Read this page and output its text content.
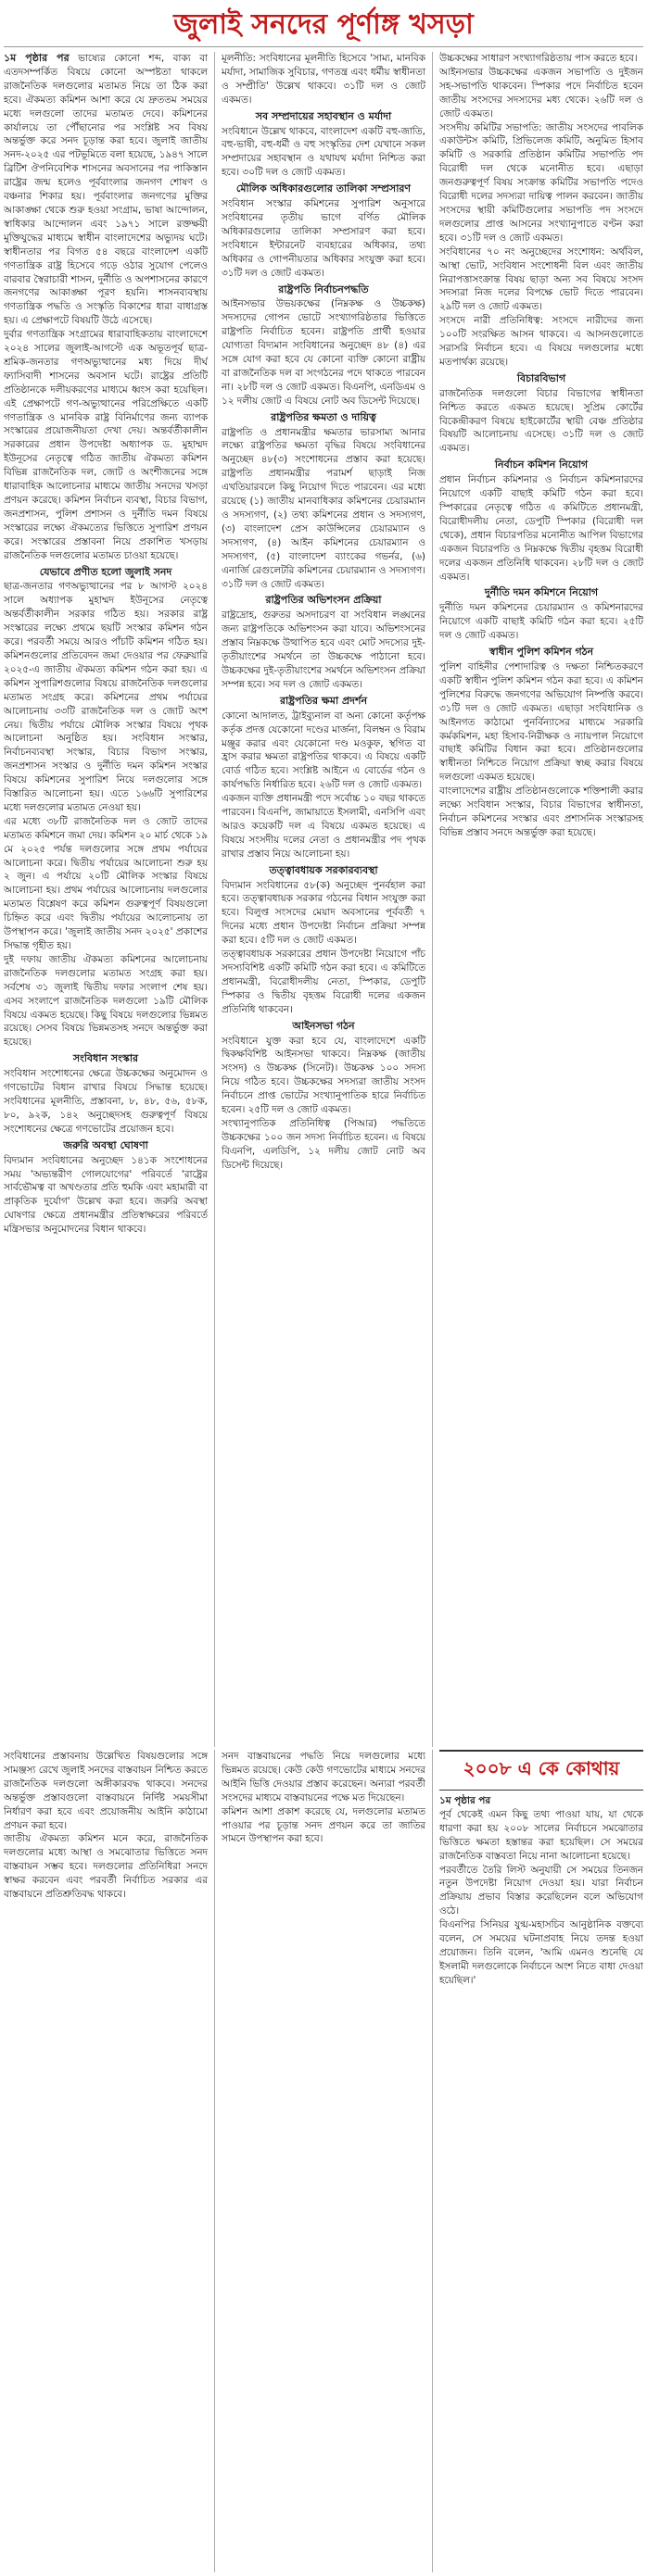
জুলাই সনদের পূর্ণাঙ্গ খসড়া

১ম পৃষ্ঠার পর ভাষ্যের কোনো শব্দ, বাক্য বা এতদসম্পর্কিত বিষয়ে কোনো অস্পষ্টতা থাকলে রাজনৈতিক দলগুলোর মতামত নিয়ে তা ঠিক করা হবে। ঐকমত্য কমিশন আশা করে যে দ্রুততম সময়ের মধ্যে দলগুলো তাদের মতামত দেবে। কমিশনের কার্যালয়ে তা পৌঁছানোর পর সংশ্লিষ্ট সব বিষয় অন্তর্ভুক্ত করে সনদ চূড়ান্ত করা হবে। জুলাই জাতীয় সনদ-২০২৫ এর পটভূমিতে বলা হয়েছে, ১৯৪৭ সালে ব্রিটিশ ঔপনিবেশিক শাসনের অবসানের পর পাকিস্তান রাষ্ট্রের জন্ম হলেও পূর্ববাংলার জনগণ শোষণ ও বঞ্চনার শিকার হয়। পূর্ববাংলার জনগণের মুক্তির আকাঙ্ক্ষা থেকে শুরু হওয়া সংগ্রাম, ভাষা আন্দোলন, স্বাধিকার আন্দোলন এবং ১৯৭১ সালে রক্তক্ষয়ী মুক্তিযুদ্ধের মাধ্যমে স্বাধীন বাংলাদেশের অভ্যুদয় ঘটে। স্বাধীনতার পর বিগত ৫৪ বছরে বাংলাদেশ একটি গণতান্ত্রিক রাষ্ট্র হিসেবে গড়ে ওঠার সুযোগ পেলেও বারবার স্বৈরাচারী শাসন, দুর্নীতি ও অপশাসনের কারণে জনগণের আকাঙ্ক্ষা পূরণ হয়নি। শাসনব্যবস্থায় গণতান্ত্রিক পদ্ধতি ও সংস্কৃতি বিকাশের ধারা বাধাগ্রস্ত হয়। এ প্রেক্ষাপটে বিষয়টি উঠে এসেছে।

দুর্বার গণতান্ত্রিক সংগ্রামের ধারাবাহিকতায় বাংলাদেশে ২০২৪ সালের জুলাই-আগস্টে এক অভূতপূর্ব ছাত্র-শ্রমিক-জনতার গণঅভ্যুত্থানের মধ্য দিয়ে দীর্ঘ ফ্যাসিবাদী শাসনের অবসান ঘটে। রাষ্ট্রের প্রতিটি প্রতিষ্ঠানকে দলীয়করণের মাধ্যমে ধ্বংস করা হয়েছিল। এই প্রেক্ষাপটে গণ-অভ্যুত্থানের পরিপ্রেক্ষিতে একটি গণতান্ত্রিক ও মানবিক রাষ্ট্র বিনির্মাণের জন্য ব্যাপক সংস্কারের প্রয়োজনীয়তা দেখা দেয়। অন্তর্বর্তীকালীন সরকারের প্রধান উপদেষ্টা অধ্যাপক ড. মুহাম্মদ ইউনূসের নেতৃত্বে গঠিত জাতীয় ঐকমত্য কমিশন বিভিন্ন রাজনৈতিক দল, জোট ও অংশীজনের সঙ্গে ধারাবাহিক আলোচনার মাধ্যমে জাতীয় সনদের খসড়া প্রণয়ন করেছে। কমিশন নির্বাচন ব্যবস্থা, বিচার বিভাগ, জনপ্রশাসন, পুলিশ প্রশাসন ও দুর্নীতি দমন বিষয়ে সংস্কারের লক্ষ্যে ঐকমত্যের ভিত্তিতে সুপারিশ প্রণয়ন করে। সংস্কারের প্রস্তাবনা নিয়ে প্রকাশিত খসড়ায় রাজনৈতিক দলগুলোর মতামত চাওয়া হয়েছে।

যেভাবে প্রণীত হলো জুলাই সনদ

ছাত্র-জনতার গণঅভ্যুত্থানের পর ৮ আগস্ট ২০২৪ সালে অধ্যাপক মুহাম্মদ ইউনূসের নেতৃত্বে অন্তর্বর্তীকালীন সরকার গঠিত হয়। সরকার রাষ্ট্র সংস্কারের লক্ষ্যে প্রথমে ছয়টি সংস্কার কমিশন গঠন করে। পরবর্তী সময়ে আরও পাঁচটি কমিশন গঠিত হয়। কমিশনগুলোর প্রতিবেদন জমা দেওয়ার পর ফেব্রুয়ারি ২০২৫-এ জাতীয় ঐকমত্য কমিশন গঠন করা হয়। এ কমিশন সুপারিশগুলোর বিষয়ে রাজনৈতিক দলগুলোর মতামত সংগ্রহ করে। কমিশনের প্রথম পর্যায়ের আলোচনায় ৩৩টি রাজনৈতিক দল ও জোট অংশ নেয়। দ্বিতীয় পর্যায়ে মৌলিক সংস্কার বিষয়ে পৃথক আলোচনা অনুষ্ঠিত হয়। সংবিধান সংস্কার, নির্বাচনব্যবস্থা সংস্কার, বিচার বিভাগ সংস্কার, জনপ্রশাসন সংস্কার ও দুর্নীতি দমন কমিশন সংস্কার বিষয়ে কমিশনের সুপারিশ নিয়ে দলগুলোর সঙ্গে বিস্তারিত আলোচনা হয়। এতে ১৬৬টি সুপারিশের মধ্যে দলগুলোর মতামত নেওয়া হয়।

এর মধ্যে ৩৮টি রাজনৈতিক দল ও জোট তাদের মতামত কমিশনে জমা দেয়। কমিশন ২০ মার্চ থেকে ১৯ মে ২০২৫ পর্যন্ত দলগুলোর সঙ্গে প্রথম পর্যায়ের আলোচনা করে। দ্বিতীয় পর্যায়ের আলোচনা শুরু হয় ২ জুন। এ পর্যায়ে ২০টি মৌলিক সংস্কার বিষয়ে আলোচনা হয়। প্রথম পর্যায়ের আলোচনায় দলগুলোর মতামত বিশ্লেষণ করে কমিশন গুরুত্বপূর্ণ বিষয়গুলো চিহ্নিত করে এবং দ্বিতীয় পর্যায়ের আলোচনায় তা উপস্থাপন করে। 'জুলাই জাতীয় সনদ ২০২৫' প্রকাশের সিদ্ধান্ত গৃহীত হয়।

দুই দফায় জাতীয় ঐকমত্য কমিশনের আলোচনায় রাজনৈতিক দলগুলোর মতামত সংগ্রহ করা হয়। সর্বশেষ ৩১ জুলাই দ্বিতীয় দফার সংলাপ শেষ হয়। এসব সংলাপে রাজনৈতিক দলগুলো ১৯টি মৌলিক বিষয়ে একমত হয়েছে। কিছু বিষয়ে দলগুলোর ভিন্নমত রয়েছে। সেসব বিষয়ে ভিন্নমতসহ সনদে অন্তর্ভুক্ত করা হয়েছে।

সংবিধান সংস্কার

সংবিধান সংশোধনের ক্ষেত্রে উচ্চকক্ষের অনুমোদন ও গণভোটের বিধান রাখার বিষয়ে সিদ্ধান্ত হয়েছে। সংবিধানের মূলনীতি, প্রস্তাবনা, ৮, ৪৮, ৫৬, ৫৮ক, ৮০, ৯২ক, ১৪২ অনুচ্ছেদসহ গুরুত্বপূর্ণ বিষয়ে সংশোধনের ক্ষেত্রে গণভোটের প্রয়োজন হবে।

জরুরি অবস্থা ঘোষণা

বিদ্যমান সংবিধানের অনুচ্ছেদ ১৪১ক সংশোধনের সময় 'অভ্যন্তরীণ গোলযোগের' পরিবর্তে 'রাষ্ট্রের সার্বভৌমত্ব বা অখণ্ডতার প্রতি হুমকি এবং মহামারী বা প্রাকৃতিক দুর্যোগ' উল্লেখ করা হবে। জরুরি অবস্থা ঘোষণার ক্ষেত্রে প্রধানমন্ত্রীর প্রতিস্বাক্ষরের পরিবর্তে মন্ত্রিসভার অনুমোদনের বিধান থাকবে।

মূলনীতি: সংবিধানের মূলনীতি হিসেবে 'সাম্য, মানবিক মর্যাদা, সামাজিক সুবিচার, গণতন্ত্র এবং ধর্মীয় স্বাধীনতা ও সম্প্রীতি' উল্লেখ থাকবে। ৩১টি দল ও জোট একমত।

সব সম্প্রদায়ের সহাবস্থান ও মর্যাদা

সংবিধানে উল্লেখ থাকবে, বাংলাদেশ একটি বহু-জাতি, বহু-ভাষী, বহু-ধর্মী ও বহু সংস্কৃতির দেশ যেখানে সকল সম্প্রদায়ের সহাবস্থান ও যথাযথ মর্যাদা নিশ্চিত করা হবে। ৩০টি দল ও জোট একমত।

মৌলিক অধিকারগুলোর তালিকা সম্প্রসারণ

সংবিধান সংস্কার কমিশনের সুপারিশ অনুসারে সংবিধানের তৃতীয় ভাগে বর্ণিত মৌলিক অধিকারগুলোর তালিকা সম্প্রসারণ করা হবে। সংবিধানে ইন্টারনেট ব্যবহারের অধিকার, তথ্য অধিকার ও গোপনীয়তার অধিকার সংযুক্ত করা হবে। ৩১টি দল ও জোট একমত।

রাষ্ট্রপতি নির্বাচনপদ্ধতি

আইনসভার উভয়কক্ষের (নিম্নকক্ষ ও উচ্চকক্ষ) সদস্যদের গোপন ভোটে সংখ্যাগরিষ্ঠতার ভিত্তিতে রাষ্ট্রপতি নির্বাচিত হবেন। রাষ্ট্রপতি প্রার্থী হওয়ার যোগ্যতা বিদ্যমান সংবিধানের অনুচ্ছেদ ৪৮ (৪) এর সঙ্গে যোগ করা হবে যে কোনো ব্যক্তি কোনো রাষ্ট্রীয় বা রাজনৈতিক দল বা সংগঠনের পদে থাকতে পারবেন না। ২৮টি দল ও জোট একমত। বিএনপি, এনডিএম ও ১২ দলীয় জোট এ বিষয়ে নোট অব ডিসেন্ট দিয়েছে।

রাষ্ট্রপতির ক্ষমতা ও দায়িত্ব

রাষ্ট্রপতি ও প্রধানমন্ত্রীর ক্ষমতার ভারসাম্য আনার লক্ষ্যে রাষ্ট্রপতির ক্ষমতা বৃদ্ধির বিষয়ে সংবিধানের অনুচ্ছেদ ৪৮(৩) সংশোধনের প্রস্তাব করা হয়েছে। রাষ্ট্রপতি প্রধানমন্ত্রীর পরামর্শ ছাড়াই নিজ এখতিয়ারবলে কিছু নিয়োগ দিতে পারবেন। এর মধ্যে রয়েছে (১) জাতীয় মানবাধিকার কমিশনের চেয়ারম্যান ও সদস্যগণ, (২) তথ্য কমিশনের প্রধান ও সদস্যগণ, (৩) বাংলাদেশ প্রেস কাউন্সিলের চেয়ারম্যান ও সদস্যগণ, (৪) আইন কমিশনের চেয়ারম্যান ও সদস্যগণ, (৫) বাংলাদেশ ব্যাংকের গভর্নর, (৬) এনার্জি রেগুলেটরি কমিশনের চেয়ারম্যান ও সদস্যগণ। ৩১টি দল ও জোট একমত।

রাষ্ট্রপতির অভিশংসন প্রক্রিয়া

রাষ্ট্রদ্রোহ, গুরুতর অসদাচরণ বা সংবিধান লঙ্ঘনের জন্য রাষ্ট্রপতিকে অভিশংসন করা যাবে। অভিশংসনের প্রস্তাব নিম্নকক্ষে উত্থাপিত হবে এবং মোট সদস্যের দুই-তৃতীয়াংশের সমর্থনে তা উচ্চকক্ষে পাঠানো হবে। উচ্চকক্ষের দুই-তৃতীয়াংশের সমর্থনে অভিশংসন প্রক্রিয়া সম্পন্ন হবে। সব দল ও জোট একমত।

রাষ্ট্রপতির ক্ষমা প্রদর্শন

কোনো আদালত, ট্রাইব্যুনাল বা অন্য কোনো কর্তৃপক্ষ কর্তৃক প্রদত্ত যেকোনো দণ্ডের মার্জনা, বিলম্বন ও বিরাম মঞ্জুর করার এবং যেকোনো দণ্ড মওকুফ, স্থগিত বা হ্রাস করার ক্ষমতা রাষ্ট্রপতির থাকবে। এ বিষয়ে একটি বোর্ড গঠিত হবে। সংশ্লিষ্ট আইনে এ বোর্ডের গঠন ও কার্যপদ্ধতি নির্ধারিত হবে। ২৬টি দল ও জোট একমত।

একজন ব্যক্তি প্রধানমন্ত্রী পদে সর্বোচ্চ ১০ বছর থাকতে পারবেন। বিএনপি, জামায়াতে ইসলামী, এনসিপি এবং আরও কয়েকটি দল এ বিষয়ে একমত হয়েছে। এ বিষয়ে সংসদীয় দলের নেতা ও প্রধানমন্ত্রীর পদ পৃথক রাখার প্রস্তাব নিয়ে আলোচনা হয়।

তত্ত্বাবধায়ক সরকারব্যবস্থা

বিদ্যমান সংবিধানের ৫৮(ক) অনুচ্ছেদ পুনর্বহাল করা হবে। তত্ত্বাবধায়ক সরকার গঠনের বিধান সংযুক্ত করা হবে। বিলুপ্ত সংসদের মেয়াদ অবসানের পূর্ববর্তী ৭ দিনের মধ্যে প্রধান উপদেষ্টা নির্বাচন প্রক্রিয়া সম্পন্ন করা হবে। ৫টি দল ও জোট একমত।

তত্ত্বাবধায়ক সরকারের প্রধান উপদেষ্টা নিয়োগে পাঁচ সদস্যবিশিষ্ট একটি কমিটি গঠন করা হবে। এ কমিটিতে প্রধানমন্ত্রী, বিরোধীদলীয় নেতা, স্পিকার, ডেপুটি স্পিকার ও দ্বিতীয় বৃহত্তম বিরোধী দলের একজন প্রতিনিধি থাকবেন।

আইনসভা গঠন

সংবিধানে যুক্ত করা হবে যে, বাংলাদেশে একটি দ্বিকক্ষবিশিষ্ট আইনসভা থাকবে। নিম্নকক্ষ (জাতীয় সংসদ) ও উচ্চকক্ষ (সিনেট)। উচ্চকক্ষ ১০০ সদস্য নিয়ে গঠিত হবে। উচ্চকক্ষের সদস্যরা জাতীয় সংসদ নির্বাচনে প্রাপ্ত ভোটের সংখ্যানুপাতিক হারে নির্বাচিত হবেন। ২৫টি দল ও জোট একমত।

সংখ্যানুপাতিক প্রতিনিধিত্ব (পিআর) পদ্ধতিতে উচ্চকক্ষের ১০০ জন সদস্য নির্বাচিত হবেন। এ বিষয়ে বিএনপি, এলডিপি, ১২ দলীয় জোট নোট অব ডিসেন্ট দিয়েছে।

উচ্চকক্ষের সাধারণ সংখ্যাগরিষ্ঠতায় পাস করতে হবে।

আইনসভার উচ্চকক্ষের একজন সভাপতি ও দুইজন সহ-সভাপতি থাকবেন। স্পিকার পদে নির্বাচিত হবেন জাতীয় সংসদের সদস্যদের মধ্য থেকে। ২৬টি দল ও জোট একমত।

সংসদীয় কমিটির সভাপতি: জাতীয় সংসদের পাবলিক একাউন্টস কমিটি, প্রিভিলেজ কমিটি, অনুমিত হিসাব কমিটি ও সরকারি প্রতিষ্ঠান কমিটির সভাপতি পদ বিরোধী দল থেকে মনোনীত হবে। এছাড়া জনগুরুত্বপূর্ণ বিষয় সংক্রান্ত কমিটির সভাপতি পদেও বিরোধী দলের সদস্যরা দায়িত্ব পালন করবেন। জাতীয় সংসদের স্থায়ী কমিটিগুলোর সভাপতি পদ সংসদে দলগুলোর প্রাপ্ত আসনের সংখ্যানুপাতে বণ্টন করা হবে। ৩১টি দল ও জোট একমত।

সংবিধানের ৭০ নং অনুচ্ছেদের সংশোধন: অর্থবিল, আস্থা ভোট, সংবিধান সংশোধনী বিল এবং জাতীয় নিরাপত্তাসংক্রান্ত বিষয় ছাড়া অন্য সব বিষয়ে সংসদ সদস্যরা নিজ দলের বিপক্ষে ভোট দিতে পারবেন। ২৯টি দল ও জোট একমত।

সংসদে নারী প্রতিনিধিত্ব: সংসদে নারীদের জন্য ১০০টি সংরক্ষিত আসন থাকবে। এ আসনগুলোতে সরাসরি নির্বাচন হবে। এ বিষয়ে দলগুলোর মধ্যে মতপার্থক্য রয়েছে।

বিচারবিভাগ

রাজনৈতিক দলগুলো বিচার বিভাগের স্বাধীনতা নিশ্চিত করতে একমত হয়েছে। সুপ্রিম কোর্টের বিকেন্দ্রীকরণ বিষয়ে হাইকোর্টের স্থায়ী বেঞ্চ প্রতিষ্ঠার বিষয়টি আলোচনায় এসেছে। ৩১টি দল ও জোট একমত।

নির্বাচন কমিশন নিয়োগ

প্রধান নির্বাচন কমিশনার ও নির্বাচন কমিশনারদের নিয়োগে একটি বাছাই কমিটি গঠন করা হবে। স্পিকারের নেতৃত্বে গঠিত এ কমিটিতে প্রধানমন্ত্রী, বিরোধীদলীয় নেতা, ডেপুটি স্পিকার (বিরোধী দল থেকে), প্রধান বিচারপতির মনোনীত আপিল বিভাগের একজন বিচারপতি ও নিম্নকক্ষে দ্বিতীয় বৃহত্তম বিরোধী দলের একজন প্রতিনিধি থাকবেন। ২৮টি দল ও জোট একমত।

দুর্নীতি দমন কমিশনে নিয়োগ

দুর্নীতি দমন কমিশনের চেয়ারম্যান ও কমিশনারদের নিয়োগে একটি বাছাই কমিটি গঠন করা হবে। ২৫টি দল ও জোট একমত।

স্বাধীন পুলিশ কমিশন গঠন

পুলিশ বাহিনীর পেশাদারিত্ব ও দক্ষতা নিশ্চিতকরণে একটি স্বাধীন পুলিশ কমিশন গঠন করা হবে। এ কমিশন পুলিশের বিরুদ্ধে জনগণের অভিযোগ নিষ্পত্তি করবে। ৩১টি দল ও জোট একমত। এছাড়া সংবিধানিক ও আইনগত কাঠামো পুনর্বিন্যাসের মাধ্যমে সরকারি কর্মকমিশন, মহা হিসাব-নিরীক্ষক ও ন্যায়পাল নিয়োগে বাছাই কমিটির বিধান করা হবে। প্রতিষ্ঠানগুলোর স্বাধীনতা নিশ্চিতে নিয়োগ প্রক্রিয়া স্বচ্ছ করার বিষয়ে দলগুলো একমত হয়েছে।

বাংলাদেশের রাষ্ট্রীয় প্রতিষ্ঠানগুলোকে শক্তিশালী করার লক্ষ্যে সংবিধান সংস্কার, বিচার বিভাগের স্বাধীনতা, নির্বাচন কমিশনের সংস্কার এবং প্রশাসনিক সংস্কারসহ বিভিন্ন প্রস্তাব সনদে অন্তর্ভুক্ত করা হয়েছে।

সংবিধানের প্রস্তাবনায় উল্লেখিত বিষয়গুলোর সঙ্গে সামঞ্জস্য রেখে জুলাই সনদের বাস্তবায়ন নিশ্চিত করতে রাজনৈতিক দলগুলো অঙ্গীকারবদ্ধ থাকবে। সনদের অন্তর্ভুক্ত প্রস্তাবগুলো বাস্তবায়নে নির্দিষ্ট সময়সীমা নির্ধারণ করা হবে এবং প্রয়োজনীয় আইনি কাঠামো প্রণয়ন করা হবে।

জাতীয় ঐকমত্য কমিশন মনে করে, রাজনৈতিক দলগুলোর মধ্যে আস্থা ও সমঝোতার ভিত্তিতে সনদ বাস্তবায়ন সম্ভব হবে। দলগুলোর প্রতিনিধিরা সনদে স্বাক্ষর করবেন এবং পরবর্তী নির্বাচিত সরকার এর বাস্তবায়নে প্রতিশ্রুতিবদ্ধ থাকবে।

সনদ বাস্তবায়নের পদ্ধতি নিয়ে দলগুলোর মধ্যে ভিন্নমত রয়েছে। কেউ কেউ গণভোটের মাধ্যমে সনদের আইনি ভিত্তি দেওয়ার প্রস্তাব করেছেন। অন্যরা পরবর্তী সংসদের মাধ্যমে বাস্তবায়নের পক্ষে মত দিয়েছেন।

কমিশন আশা প্রকাশ করেছে যে, দলগুলোর মতামত পাওয়ার পর চূড়ান্ত সনদ প্রণয়ন করে তা জাতির সামনে উপস্থাপন করা হবে।

২০০৮ এ কে কোথায়
১ম পৃষ্ঠার পর

পূর্ব থেকেই এমন কিছু তথ্য পাওয়া যায়, যা থেকে ধারণা করা হয় ২০০৮ সালের নির্বাচনে সমঝোতার ভিত্তিতে ক্ষমতা হস্তান্তর করা হয়েছিল। সে সময়ের রাজনৈতিক বাস্তবতা নিয়ে নানা আলোচনা হয়েছে।

পরবর্তীতে তৈরি লিস্ট অনুযায়ী সে সময়ের তিনজন নতুন উপদেষ্টা নিয়োগ দেওয়া হয়। যারা নির্বাচন প্রক্রিয়ায় প্রভাব বিস্তার করেছিলেন বলে অভিযোগ ওঠে।

বিএনপির সিনিয়র যুগ্ম-মহাসচিব আনুষ্ঠানিক বক্তব্যে বলেন, সে সময়ের ঘটনাপ্রবাহ নিয়ে তদন্ত হওয়া প্রয়োজন। তিনি বলেন, 'আমি এমনও শুনেছি যে ইসলামী দলগুলোকে নির্বাচনে অংশ নিতে বাধা দেওয়া হয়েছিল।'
